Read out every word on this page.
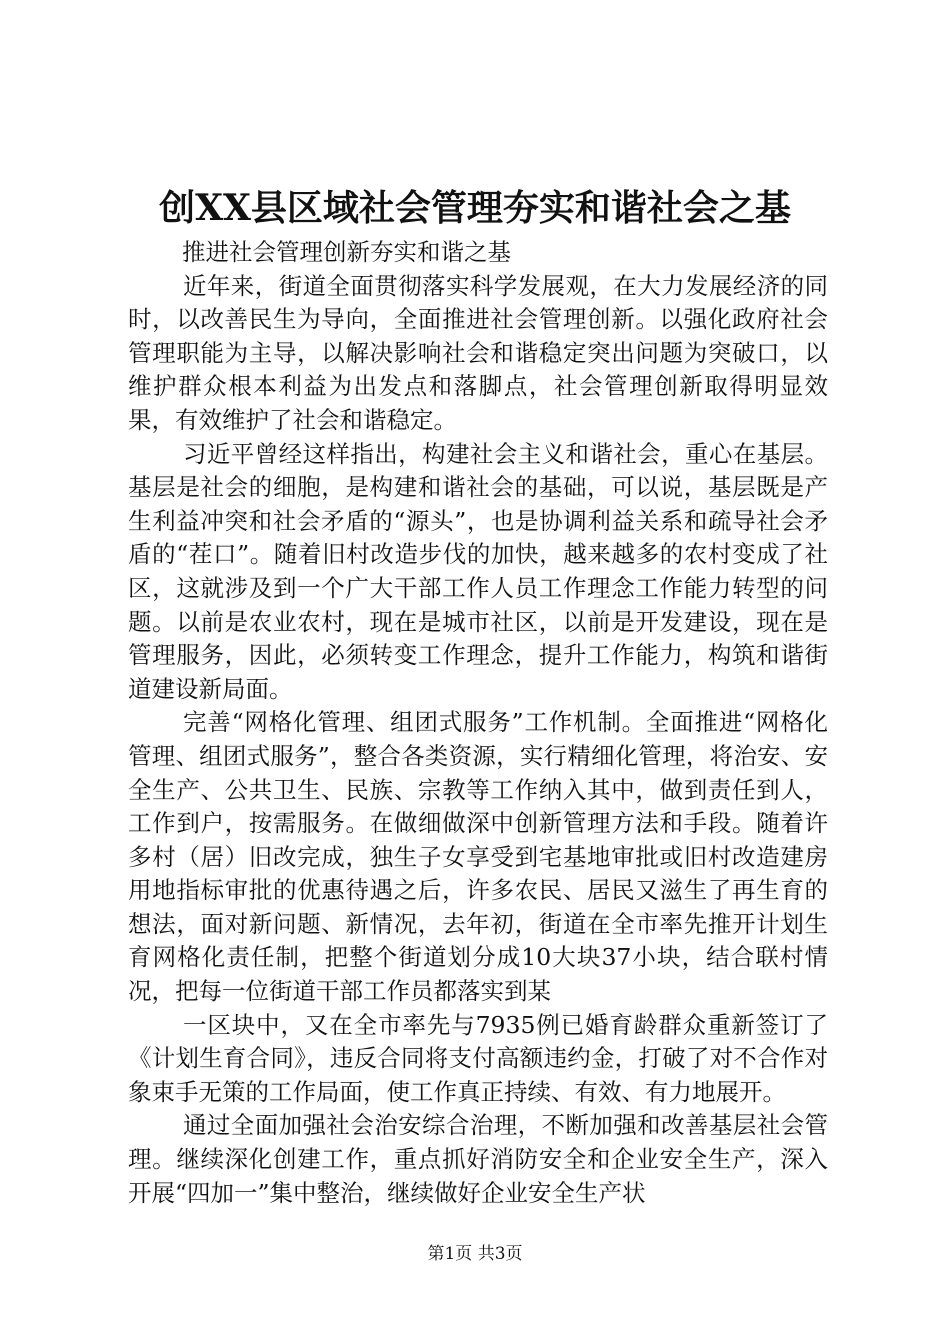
创XX县区域社会管理夯实和谐社会之基

推进社会管理创新夯实和谐之基

近年来，街道全面贯彻落实科学发展观，在大力发展经济的同时，以改善民生为导向，全面推进社会管理创新。以强化政府社会管理职能为主导，以解决影响社会和谐稳定突出问题为突破口，以维护群众根本利益为出发点和落脚点，社会管理创新取得明显效果，有效维护了社会和谐稳定。

习近平曾经这样指出，构建社会主义和谐社会，重心在基层。基层是社会的细胞，是构建和谐社会的基础，可以说，基层既是产生利益冲突和社会矛盾的“源头”，也是协调利益关系和疏导社会矛盾的“茬口”。随着旧村改造步伐的加快，越来越多的农村变成了社区，这就涉及到一个广大干部工作人员工作理念工作能力转型的问题。以前是农业农村，现在是城市社区，以前是开发建设，现在是管理服务，因此，必须转变工作理念，提升工作能力，构筑和谐街道建设新局面。

完善“网格化管理、组团式服务”工作机制。全面推进“网格化管理、组团式服务”，整合各类资源，实行精细化管理，将治安、安全生产、公共卫生、民族、宗教等工作纳入其中，做到责任到人，工作到户，按需服务。在做细做深中创新管理方法和手段。随着许多村（居）旧改完成，独生子女享受到宅基地审批或旧村改造建房用地指标审批的优惠待遇之后，许多农民、居民又滋生了再生育的想法，面对新问题、新情况，去年初，街道在全市率先推开计划生育网格化责任制，把整个街道划分成10大块37小块，结合联村情况，把每一位街道干部工作员都落实到某

一区块中，又在全市率先与7935例已婚育龄群众重新签订了《计划生育合同》，违反合同将支付高额违约金，打破了对不合作对象束手无策的工作局面，使工作真正持续、有效、有力地展开。

通过全面加强社会治安综合治理，不断加强和改善基层社会管理。继续深化创建工作，重点抓好消防安全和企业安全生产，深入开展“四加一”集中整治，继续做好企业安全生产状

第1页 共3页
